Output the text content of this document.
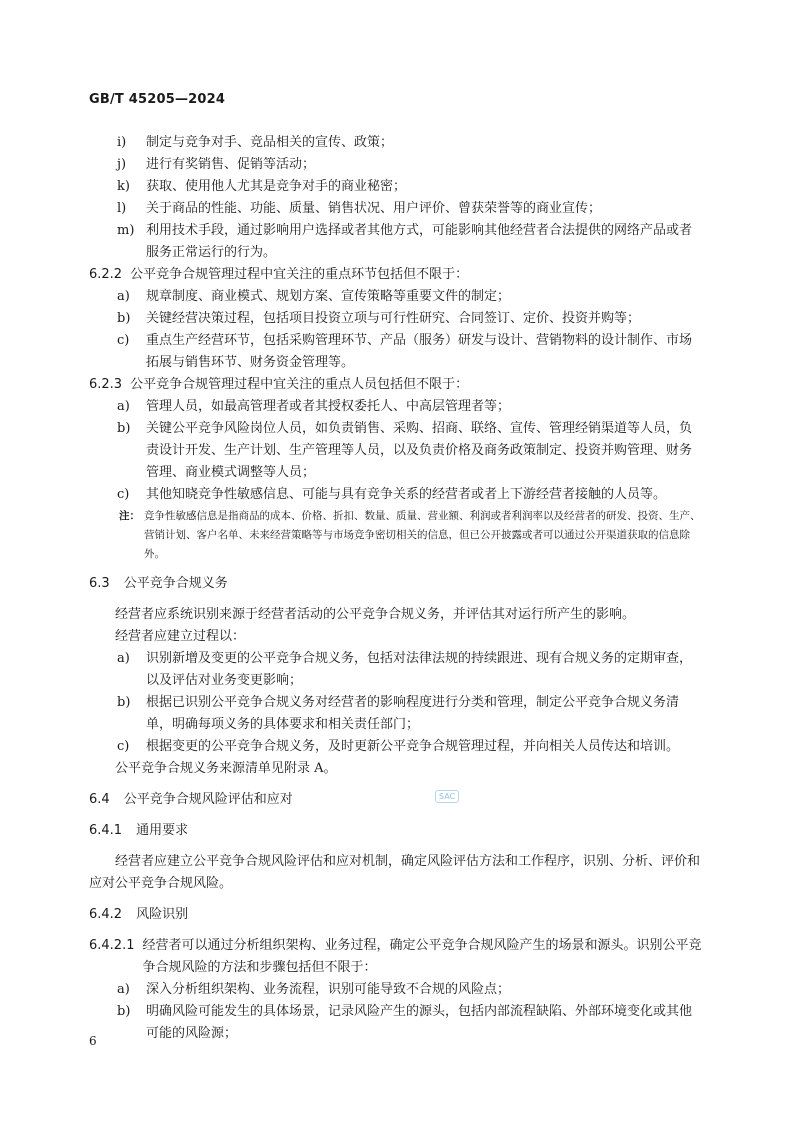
GB/T 45205—2024
i)	制定与竞争对手、竞品相关的宣传、政策；
j)	进行有奖销售、促销等活动；
k)	获取、使用他人尤其是竞争对手的商业秘密；
l)	关于商品的性能、功能、质量、销售状况、用户评价、曾获荣誉等的商业宣传；
m) 利用技术手段，通过影响用户选择或者其他方式，可能影响其他经营者合法提供的网络产品或者服务正常运行的行为。
6.2.2 公平竞争合规管理过程中宜关注的重点环节包括但不限于：
a)	规章制度、商业模式、规划方案、宣传策略等重要文件的制定；
b)	关键经营决策过程，包括项目投资立项与可行性研究、合同签订、定价、投资并购等；
c)	重点生产经营环节，包括采购管理环节、产品（服务）研发与设计、营销物料的设计制作、市场拓展与销售环节、财务资金管理等。
6.2.3 公平竞争合规管理过程中宜关注的重点人员包括但不限于：
a)	管理人员，如最高管理者或者其授权委托人、中高层管理者等；
b)	关键公平竞争风险岗位人员，如负责销售、采购、招商、联络、宣传、管理经销渠道等人员，负责设计开发、生产计划、生产管理等人员，以及负责价格及商务政策制定、投资并购管理、财务管理、商业模式调整等人员；
c)	其他知晓竞争性敏感信息、可能与具有竞争关系的经营者或者上下游经营者接触的人员等。
注： 竞争性敏感信息是指商品的成本、价格、折扣、数量、质量、营业额、利润或者利润率以及经营者的研发、投资、生产、营销计划、客户名单、未来经营策略等与市场竞争密切相关的信息，但已公开披露或者可以通过公开渠道获取的信息除外。
6.3 公平竞争合规义务
经营者应系统识别来源于经营者活动的公平竞争合规义务，并评估其对运行所产生的影响。
经营者应建立过程以：
a)	识别新增及变更的公平竞争合规义务，包括对法律法规的持续跟进、现有合规义务的定期审查，以及评估对业务变更影响；
b)	根据已识别公平竞争合规义务对经营者的影响程度进行分类和管理，制定公平竞争合规义务清单，明确每项义务的具体要求和相关责任部门；
c)	根据变更的公平竞争合规义务，及时更新公平竞争合规管理过程，并向相关人员传达和培训。
公平竞争合规义务来源清单见附录 A。
6.4 公平竞争合规风险评估和应对
6.4.1 通用要求
经营者应建立公平竞争合规风险评估和应对机制，确定风险评估方法和工作程序，识别、分析、评价和应对公平竞争合规风险。
6.4.2 风险识别
6.4.2.1 经营者可以通过分析组织架构、业务过程，确定公平竞争合规风险产生的场景和源头。识别公平竞争合规风险的方法和步骤包括但不限于：
a)	深入分析组织架构、业务流程，识别可能导致不合规的风险点；
b)	明确风险可能发生的具体场景，记录风险产生的源头，包括内部流程缺陷、外部环境变化或其他可能的风险源；
SAC
6
